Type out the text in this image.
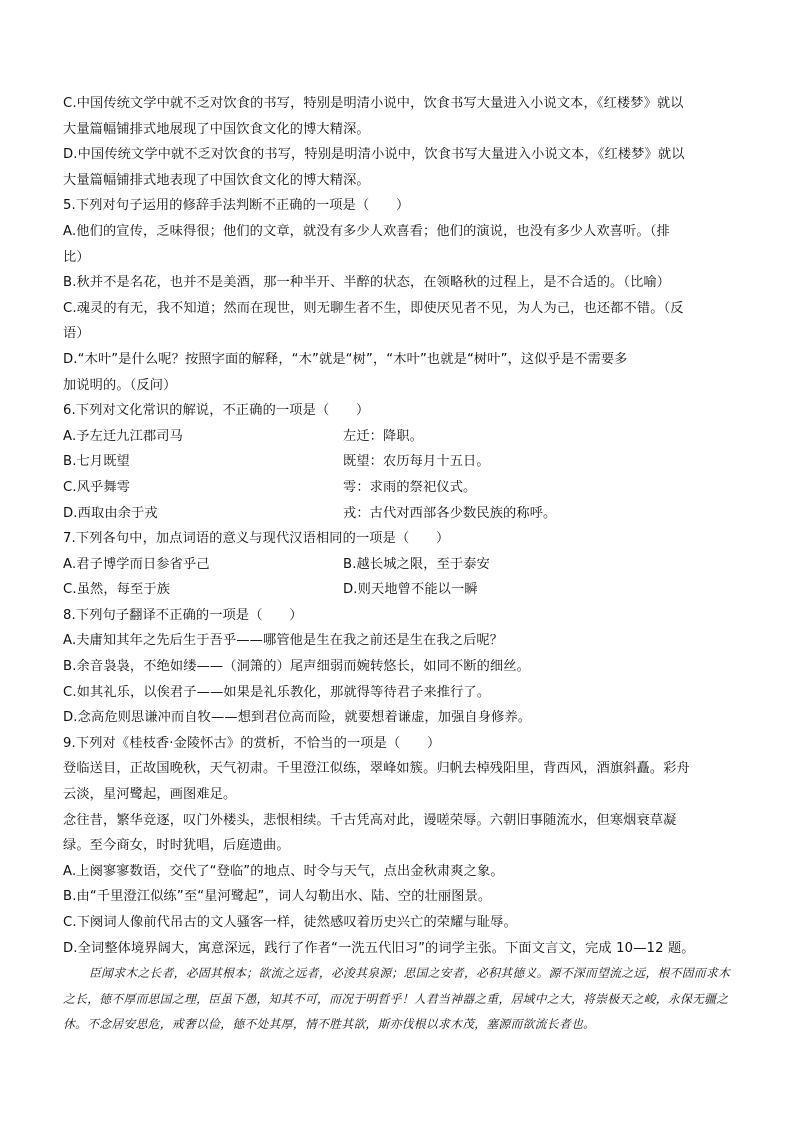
C.中国传统文学中就不乏对饮食的书写，特别是明清小说中，饮食书写大量进入小说文本，《红楼梦》就以

大量篇幅铺排式地展现了中国饮食文化的博大精深。

D.中国传统文学中就不乏对饮食的书写，特别是明清小说中，饮食书写大量进入小说文本，《红楼梦》就以

大量篇幅铺排式地表现了中国饮食文化的博大精深。

5.下列对句子运用的修辞手法判断不正确的一项是（　　）

A.他们的宣传，乏味得很；他们的文章，就没有多少人欢喜看；他们的演说，也没有多少人欢喜听。（排

比）

B.秋并不是名花，也并不是美酒，那一种半开、半醉的状态，在领略秋的过程上，是不合适的。（比喻）

C.魂灵的有无，我不知道；然而在现世，则无聊生者不生，即使厌见者不见，为人为己，也还都不错。（反

语）

D.“木叶”是什么呢？按照字面的解释，“木”就是“树”，“木叶”也就是“树叶”，这似乎是不需要多

加说明的。（反问）

6.下列对文化常识的解说，不正确的一项是（　　）

A.予左迁九江郡司马	左迁：降职。
B.七月既望	既望：农历每月十五日。
C.风乎舞雩	雩：求雨的祭祀仪式。
D.西取由余于戎	戎：古代对西部各少数民族的称呼。

7.下列各句中，加点词语的意义与现代汉语相同的一项是（　　）

A.君子博学而日参省乎己	B.越长城之限，至于泰安
C.虽然，每至于族	D.则天地曾不能以一瞬

8.下列句子翻译不正确的一项是（　　）

A.夫庸知其年之先后生于吾乎——哪管他是生在我之前还是生在我之后呢？

B.余音袅袅，不绝如缕——（洞箫的）尾声细弱而婉转悠长，如同不断的细丝。

C.如其礼乐，以俟君子——如果是礼乐教化，那就得等待君子来推行了。

D.念高危则思谦冲而自牧——想到君位高而险，就要想着谦虚，加强自身修养。

9.下列对《桂枝香·金陵怀古》的赏析，不恰当的一项是（　　）

登临送目，正故国晚秋，天气初肃。千里澄江似练，翠峰如簇。归帆去棹残阳里，背西风，酒旗斜矗。彩舟

云淡，星河鹭起，画图难足。

念往昔，繁华竞逐，叹门外楼头，悲恨相续。千古凭高对此，谩嗟荣辱。六朝旧事随流水，但寒烟衰草凝

绿。至今商女，时时犹唱，后庭遗曲。

A.上阕寥寥数语，交代了“登临”的地点、时令与天气，点出金秋肃爽之象。

B.由“千里澄江似练”至“星河鹭起”，词人勾勒出水、陆、空的壮丽图景。

C.下阕词人像前代吊古的文人骚客一样，徒然感叹着历史兴亡的荣耀与耻辱。

D.全词整体境界阔大，寓意深远，践行了作者“一洗五代旧习”的词学主张。下面文言文，完成 10—12 题。

臣闻求木之长者，必固其根本；欲流之远者，必浚其泉源；思国之安者，必积其德义。源不深而望流之远，根不固而求木之长，德不厚而思国之理，臣虽下愚，知其不可，而况于明哲乎！人君当神器之重，居域中之大，将崇极天之峻，永保无疆之休。不念居安思危，戒奢以俭，德不处其厚，情不胜其欲，斯亦伐根以求木茂，塞源而欲流长者也。
